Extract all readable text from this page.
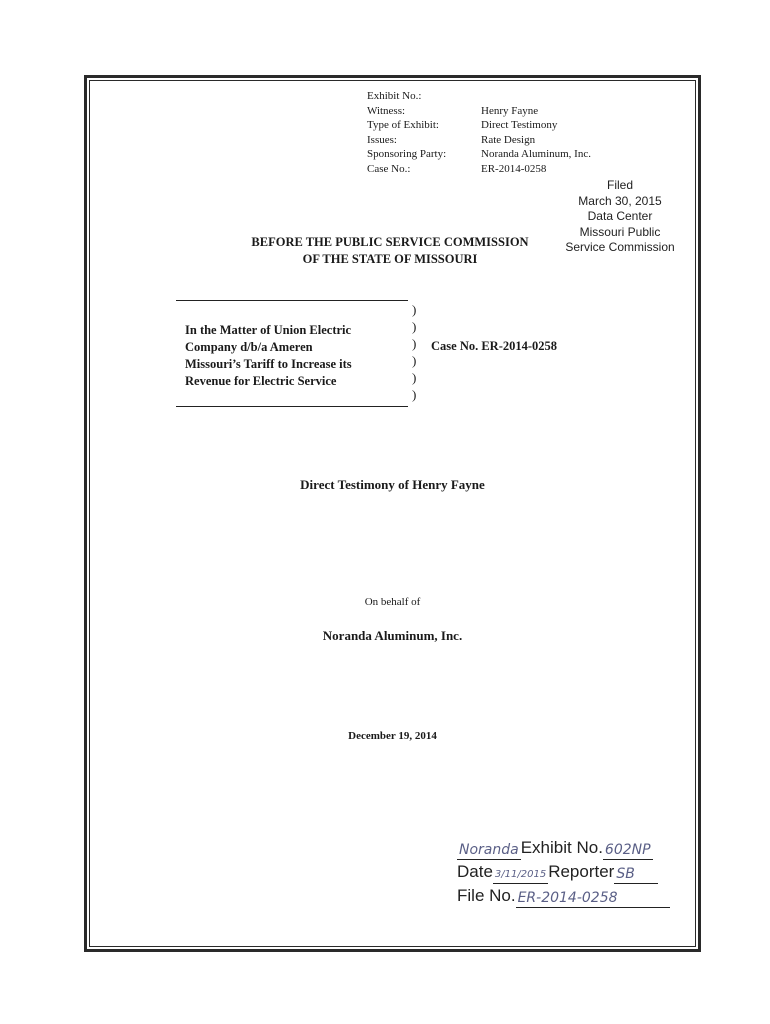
Exhibit No.:
Witness:	Henry Fayne
Type of Exhibit:	Direct Testimony
Issues:	Rate Design
Sponsoring Party:	Noranda Aluminum, Inc.
Case No.:	ER-2014-0258
Filed
March 30, 2015
Data Center
Missouri Public
Service Commission
BEFORE THE PUBLIC SERVICE COMMISSION
OF THE STATE OF MISSOURI
In the Matter of Union Electric
Company d/b/a Ameren
Missouri’s Tariff to Increase its
Revenue for Electric Service
)
)
)
)
)
)
Case No. ER-2014-0258
Direct Testimony of Henry Fayne
On behalf of
Noranda Aluminum, Inc.
December 19, 2014
Noranda Exhibit No. 602NP
Date 3/11/2015 Reporter SB
File No. ER-2014-0258
